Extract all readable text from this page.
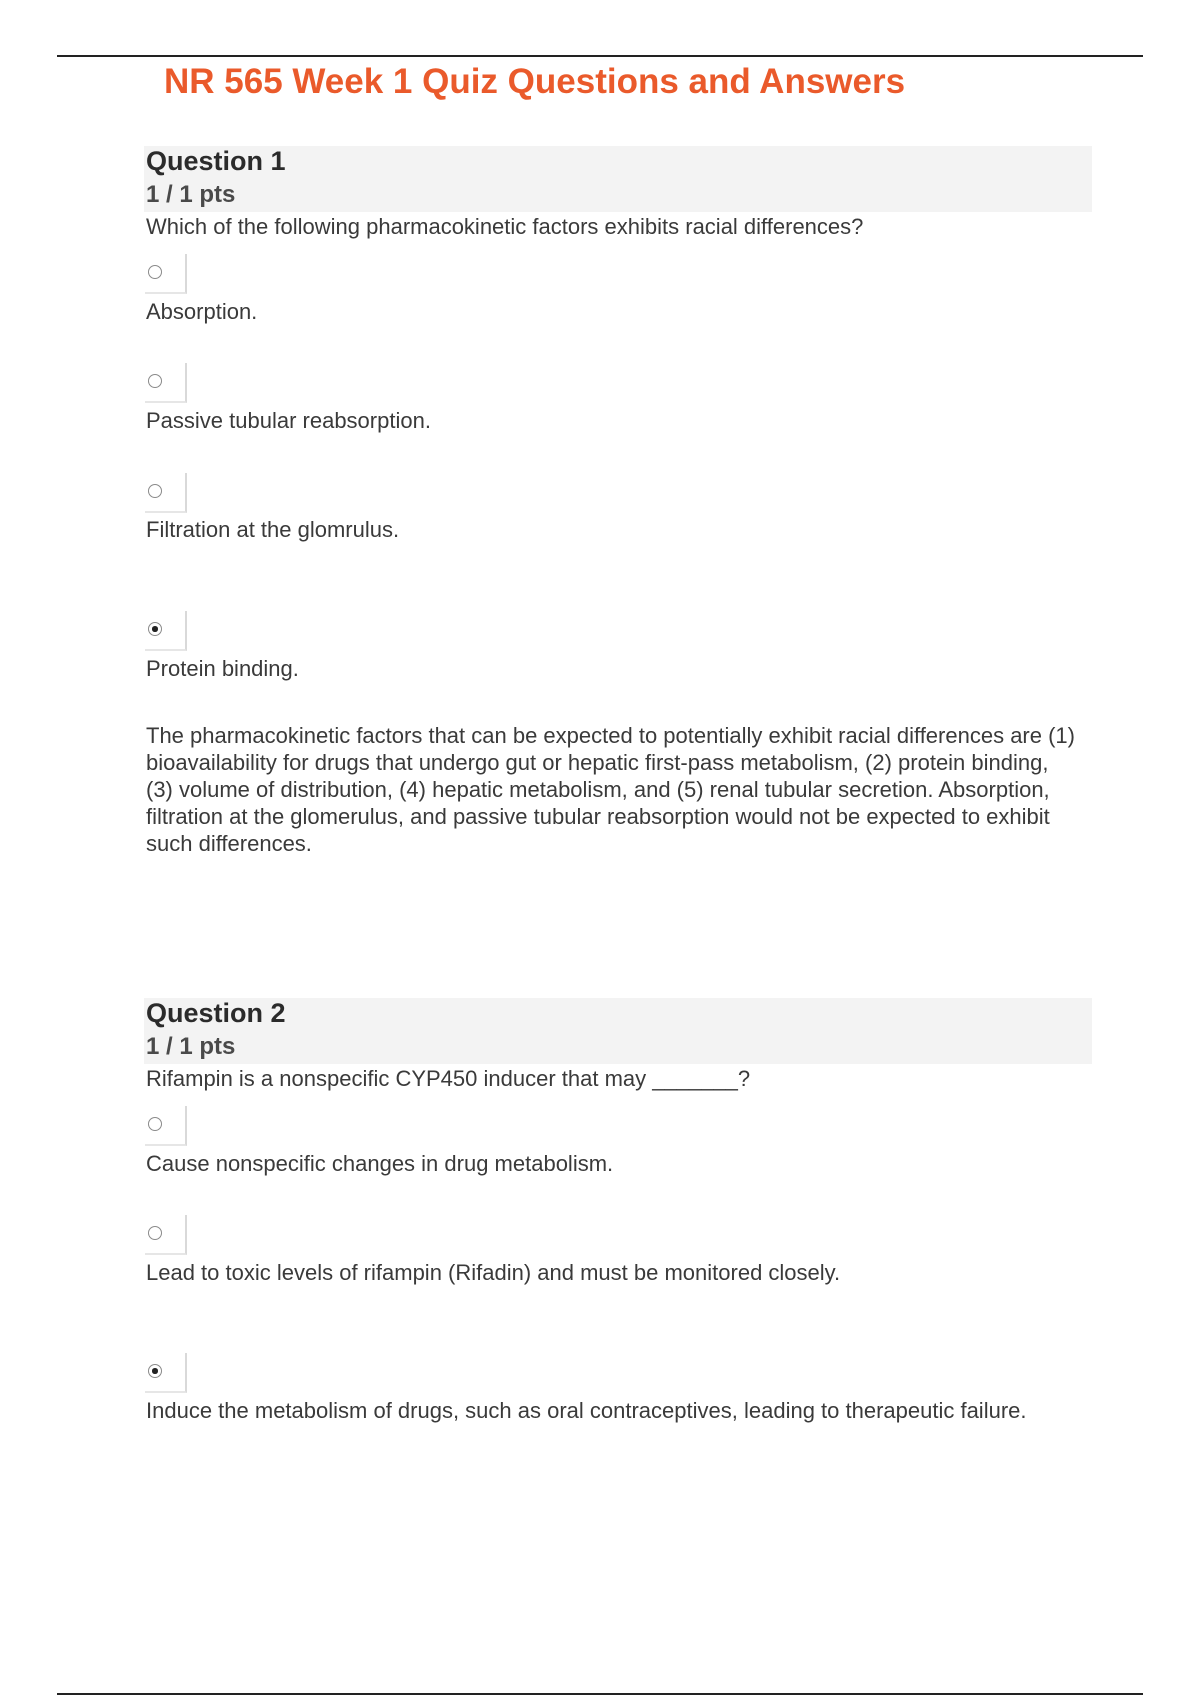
NR 565 Week 1 Quiz Questions and Answers
Question 1
1 / 1 pts
Which of the following pharmacokinetic factors exhibits racial differences?
Absorption.
Passive tubular reabsorption.
Filtration at the glomrulus.
Protein binding.
The pharmacokinetic factors that can be expected to potentially exhibit racial differences are (1) bioavailability for drugs that undergo gut or hepatic first-pass metabolism, (2) protein binding, (3) volume of distribution, (4) hepatic metabolism, and (5) renal tubular secretion. Absorption, filtration at the glomerulus, and passive tubular reabsorption would not be expected to exhibit such differences.
Question 2
1 / 1 pts
Rifampin is a nonspecific CYP450 inducer that may _______?
Cause nonspecific changes in drug metabolism.
Lead to toxic levels of rifampin (Rifadin) and must be monitored closely.
Induce the metabolism of drugs, such as oral contraceptives, leading to therapeutic failure.
